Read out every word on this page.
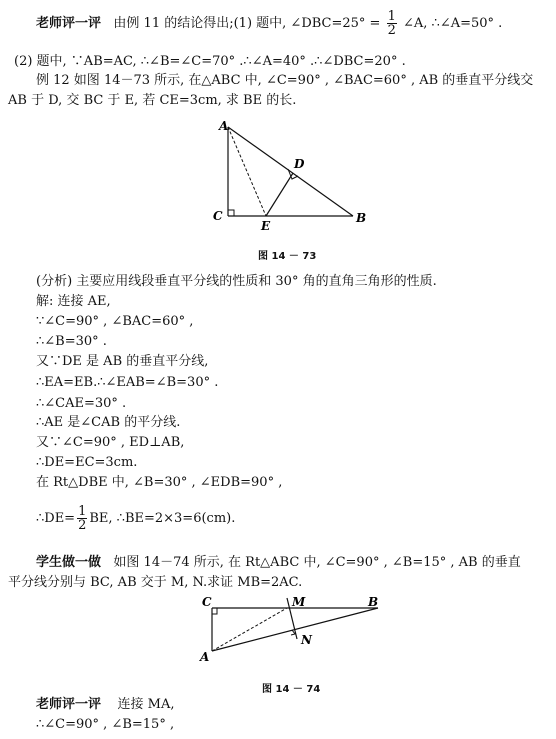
老师评一评 由例 11 的结论得出;(1) 题中, ∠DBC=25° = $\frac{1}{2}$ ∠A, ∴∠A=50° .
(2) 题中, ∵AB=AC, ∴∠B=∠C=70° .∴∠A=40° .∴∠DBC=20° .
例 12 如图 14－73 所示, 在△ABC 中, ∠C=90° , ∠BAC=60° , AB 的垂直平分线交
AB 于 D, 交 BC 于 E, 若 CE=3cm, 求 BE 的长.
A
C
E
D
B
图 14 － 73
(分析) 主要应用线段垂直平分线的性质和 30° 角的直角三角形的性质.
解: 连接 AE,
∵∠C=90° , ∠BAC=60° ,
∴∠B=30° .
又∵DE 是 AB 的垂直平分线,
∴EA=EB.∴∠EAB=∠B=30° .
∴∠CAE=30° .
∴AE 是∠CAB 的平分线.
又∵∠C=90° , ED⊥AB,
∴DE=EC=3cm.
在 Rt△DBE 中, ∠B=30° , ∠EDB=90° ,
∴DE= $\frac{1}{2}$ BE, ∴BE=2×3=6(cm).
学生做一做 如图 14－74 所示, 在 Rt△ABC 中, ∠C=90° , ∠B=15° , AB 的垂直
平分线分别与 BC, AB 交于 M, N.求证 MB=2AC.
C
A
M
N
B
图 14 － 74
老师评一评 连接 MA,
∴∠C=90° , ∠B=15° ,
